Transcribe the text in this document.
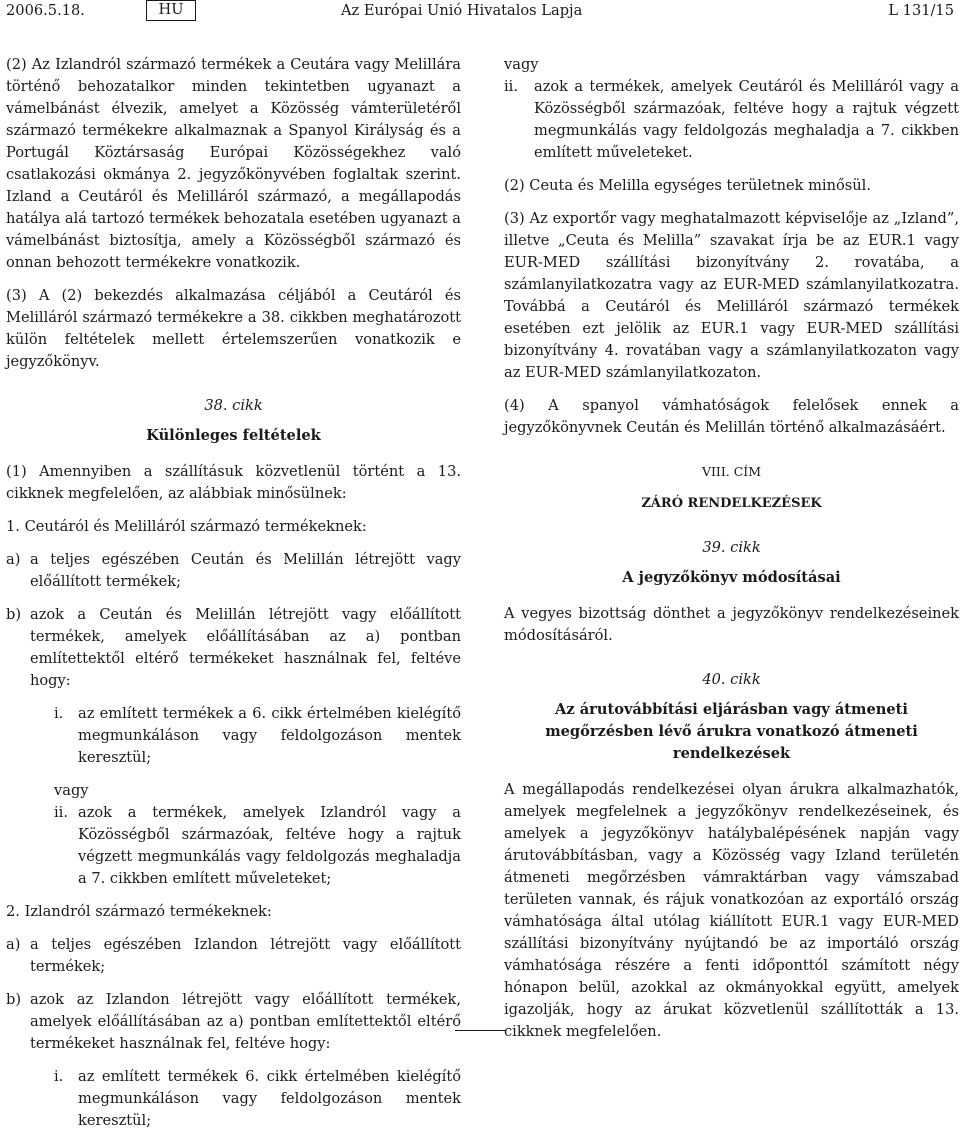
2006.5.18.	HU	Az Európai Unió Hivatalos Lapja	L 131/15

(2) Az Izlandról származó termékek a Ceutára vagy Melillára történő behozatalkor minden tekintetben ugyanazt a vámelbánást élvezik, amelyet a Közösség vámterületéről származó termékekre alkalmaznak a Spanyol Királyság és a Portugál Köztársaság Európai Közösségekhez való csatlakozási okmánya 2. jegyzőkönyvében foglaltak szerint. Izland a Ceutáról és Melilláról származó, a megállapodás hatálya alá tartozó termékek behozatala esetében ugyanazt a vámelbánást biztosítja, amely a Közösségből származó és onnan behozott termékekre vonatkozik.

(3) A (2) bekezdés alkalmazása céljából a Ceutáról és Melilláról származó termékekre a 38. cikkben meghatározott külön feltételek mellett értelemszerűen vonatkozik e jegyzőkönyv.

38. cikk

Különleges feltételek

(1) Amennyiben a szállításuk közvetlenül történt a 13. cikknek megfelelően, az alábbiak minősülnek:

1. Ceutáról és Melilláról származó termékeknek:

a) a teljes egészében Ceután és Melillán létrejött vagy előállított termékek;

b) azok a Ceután és Melillán létrejött vagy előállított termékek, amelyek előállításában az a) pontban említettektől eltérő termékeket használnak fel, feltéve hogy:

i. az említett termékek a 6. cikk értelmében kielégítő megmunkáláson vagy feldolgozáson mentek keresztül;

vagy

ii. azok a termékek, amelyek Izlandról vagy a Közösségből származóak, feltéve hogy a rajtuk végzett megmunkálás vagy feldolgozás meghaladja a 7. cikkben említett műveleteket;

2. Izlandról származó termékeknek:

a) a teljes egészében Izlandon létrejött vagy előállított termékek;

b) azok az Izlandon létrejött vagy előállított termékek, amelyek előállításában az a) pontban említettektől eltérő termékeket használnak fel, feltéve hogy:

i. az említett termékek 6. cikk értelmében kielégítő megmunkáláson vagy feldolgozáson mentek keresztül;

vagy

ii. azok a termékek, amelyek Ceutáról és Melilláról vagy a Közösségből származóak, feltéve hogy a rajtuk végzett megmunkálás vagy feldolgozás meghaladja a 7. cikkben említett műveleteket.

(2) Ceuta és Melilla egységes területnek minősül.

(3) Az exportőr vagy meghatalmazott képviselője az „Izland”, illetve „Ceuta és Melilla” szavakat írja be az EUR.1 vagy EUR-MED szállítási bizonyítvány 2. rovatába, a számlanyilatkozatra vagy az EUR-MED számlanyilatkozatra. Továbbá a Ceutáról és Melilláról származó termékek esetében ezt jelölik az EUR.1 vagy EUR-MED szállítási bizonyítvány 4. rovatában vagy a számlanyilatkozaton vagy az EUR-MED számlanyilatkozaton.

(4) A spanyol vámhatóságok felelősek ennek a jegyzőkönyvnek Ceután és Melillán történő alkalmazásáért.

VIII. CÍM

ZÁRÓ RENDELKEZÉSEK

39. cikk

A jegyzőkönyv módosításai

A vegyes bizottság dönthet a jegyzőkönyv rendelkezéseinek módosításáról.

40. cikk

Az árutovábbítási eljárásban vagy átmeneti megőrzésben lévő árukra vonatkozó átmeneti rendelkezések

A megállapodás rendelkezései olyan árukra alkalmazhatók, amelyek megfelelnek a jegyzőkönyv rendelkezéseinek, és amelyek a jegyzőkönyv hatálybalépésének napján vagy árutovábbításban, vagy a Közösség vagy Izland területén átmeneti megőrzésben vámraktárban vagy vámszabad területen vannak, és rájuk vonatkozóan az exportáló ország vámhatósága által utólag kiállított EUR.1 vagy EUR-MED szállítási bizonyítvány nyújtandó be az importáló ország vámhatósága részére a fenti időponttól számított négy hónapon belül, azokkal az okmányokkal együtt, amelyek igazolják, hogy az árukat közvetlenül szállították a 13. cikknek megfelelően.
